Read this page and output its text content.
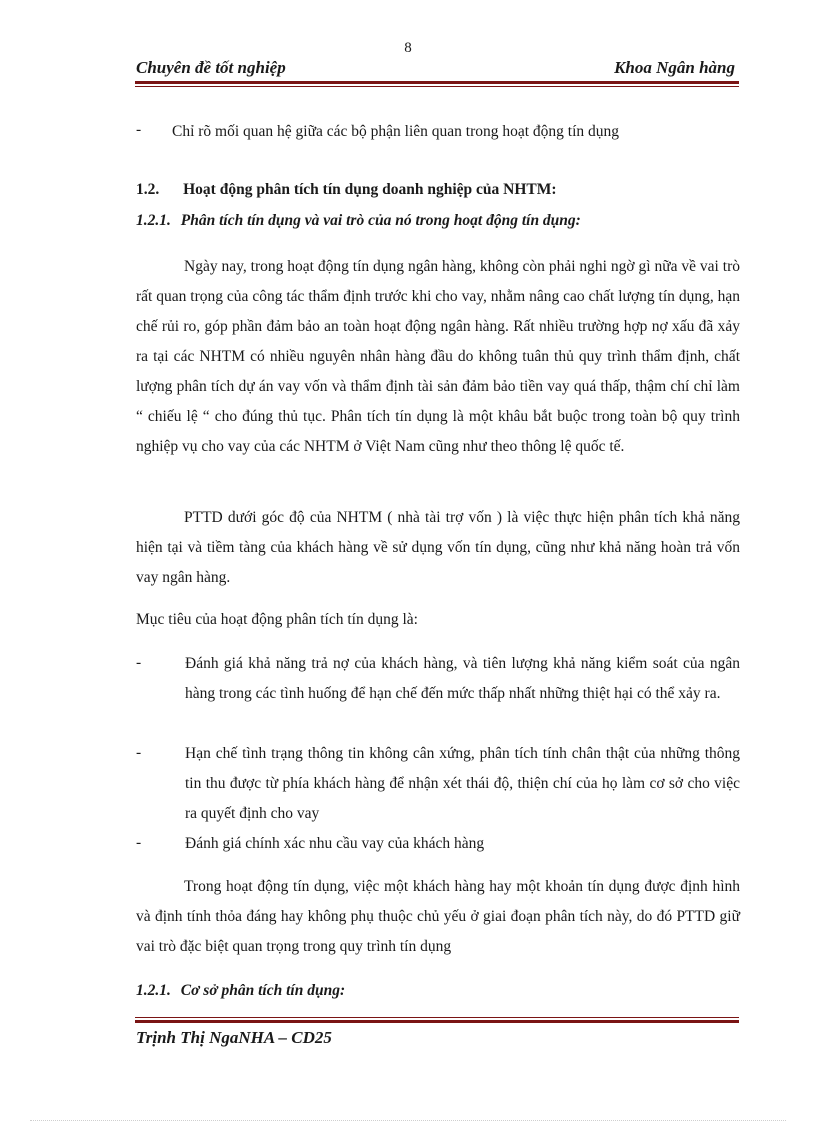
8
Chuyên đề tốt nghiệp	Khoa Ngân hàng
- Chỉ rõ mối quan hệ giữa các bộ phận liên quan trong hoạt động tín dụng

1.2. Hoạt động phân tích tín dụng doanh nghiệp của NHTM:
1.2.1. Phân tích tín dụng và vai trò của nó trong hoạt động tín dụng:

Ngày nay, trong hoạt động tín dụng ngân hàng, không còn phải nghi ngờ gì nữa về vai trò rất quan trọng của công tác thẩm định trước khi cho vay, nhằm nâng cao chất lượng tín dụng, hạn chế rủi ro, góp phần đảm bảo an toàn hoạt động ngân hàng. Rất nhiều trường hợp nợ xấu đã xảy ra tại các NHTM có nhiều nguyên nhân hàng đầu do không tuân thủ quy trình thẩm định, chất lượng phân tích dự án vay vốn và thẩm định tài sản đảm bảo tiền vay quá thấp, thậm chí chỉ làm “ chiếu lệ “ cho đúng thủ tục. Phân tích tín dụng là một khâu bắt buộc trong toàn bộ quy trình nghiệp vụ cho vay của các NHTM ở Việt Nam cũng như theo thông lệ quốc tế.

PTTD dưới góc độ của NHTM ( nhà tài trợ vốn ) là việc thực hiện phân tích khả năng hiện tại và tiềm tàng của khách hàng về sử dụng vốn tín dụng, cũng như khả năng hoàn trả vốn vay ngân hàng.

Mục tiêu của hoạt động phân tích tín dụng là:

-	Đánh giá khả năng trả nợ của khách hàng, và tiên lượng khả năng kiểm soát của ngân hàng trong các tình huống để hạn chế đến mức thấp nhất những thiệt hại có thể xảy ra.

-	Hạn chế tình trạng thông tin không cân xứng, phân tích tính chân thật của những thông tin thu được từ phía khách hàng để nhận xét thái độ, thiện chí của họ làm cơ sở cho việc ra quyết định cho vay

-	Đánh giá chính xác nhu cầu vay của khách hàng

Trong hoạt động tín dụng, việc một khách hàng hay một khoản tín dụng được định hình và định tính thỏa đáng hay không phụ thuộc chủ yếu ở giai đoạn phân tích này, do đó PTTD giữ vai trò đặc biệt quan trọng trong quy trình tín dụng

1.2.1. Cơ sở phân tích tín dụng:
Trịnh Thị NgaNHA – CD25
